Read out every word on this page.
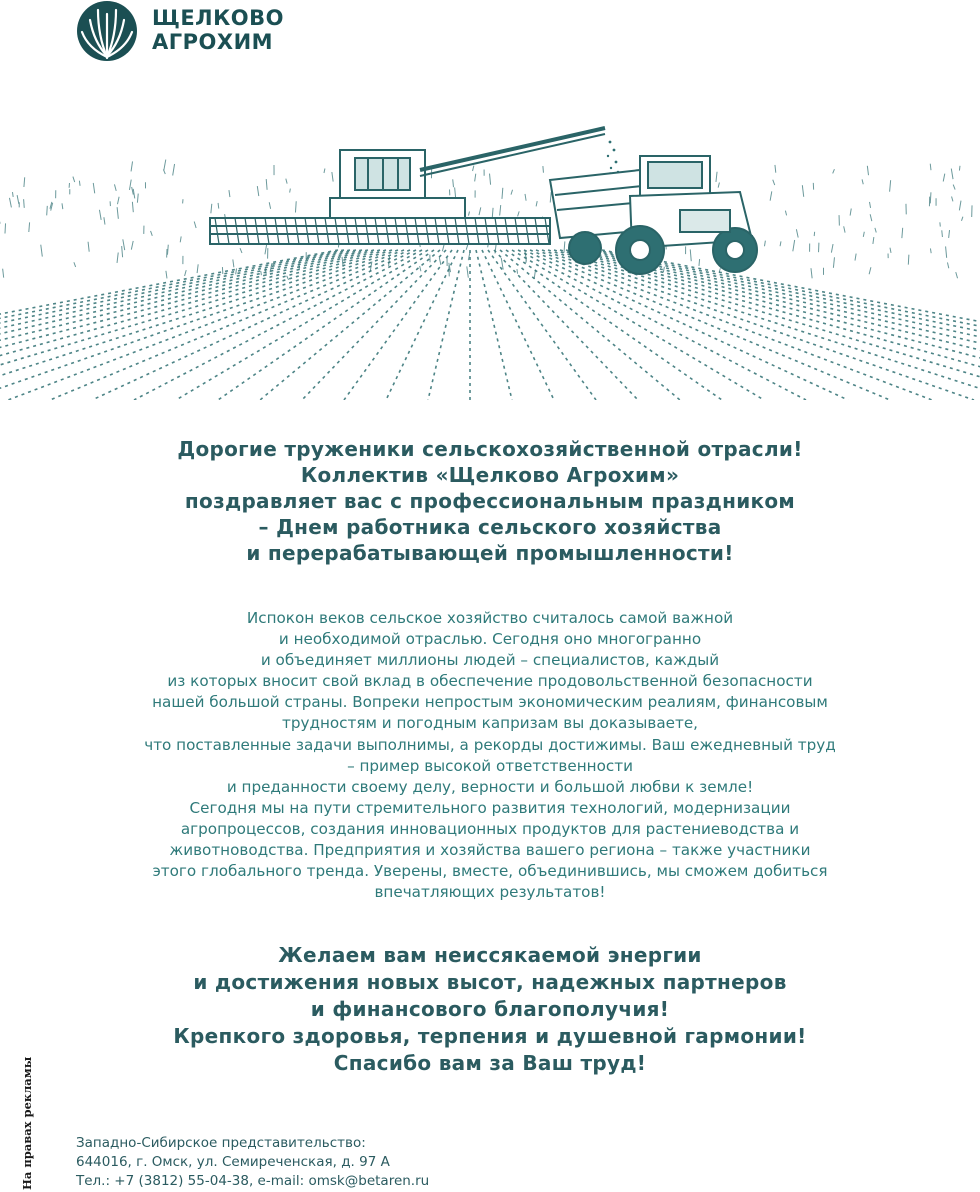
ЩЕЛКОВО
АГРОХИМ
Дорогие труженики сельскохозяйственной отрасли!
Коллектив «Щелково Агрохим»
поздравляет вас с профессиональным праздником
– Днем работника сельского хозяйства
и перерабатывающей промышленности!
Испокон веков сельское хозяйство считалось самой важной
и необходимой отраслью. Сегодня оно многогранно
и объединяет миллионы людей – специалистов, каждый
из которых вносит свой вклад в обеспечение продовольственной безопасности
нашей большой страны. Вопреки непростым экономическим реалиям, финансовым
трудностям и погодным капризам вы доказываете,
что поставленные задачи выполнимы, а рекорды достижимы. Ваш ежедневный труд
– пример высокой ответственности
и преданности своему делу, верности и большой любви к земле!
Сегодня мы на пути стремительного развития технологий, модернизации
агропроцессов, создания инновационных продуктов для растениеводства и
животноводства. Предприятия и хозяйства вашего региона – также участники
этого глобального тренда. Уверены, вместе, объединившись, мы сможем добиться
впечатляющих результатов!
Желаем вам неиссякаемой энергии
и достижения новых высот, надежных партнеров
и финансового благополучия!
Крепкого здоровья, терпения и душевной гармонии!
Спасибо вам за Ваш труд!
На правах рекламы	Западно-Сибирское представительство:
644016, г. Омск, ул. Семиреченская, д. 97 А
Тел.: +7 (3812) 55-04-38, e-mail: omsk@betaren.ru
